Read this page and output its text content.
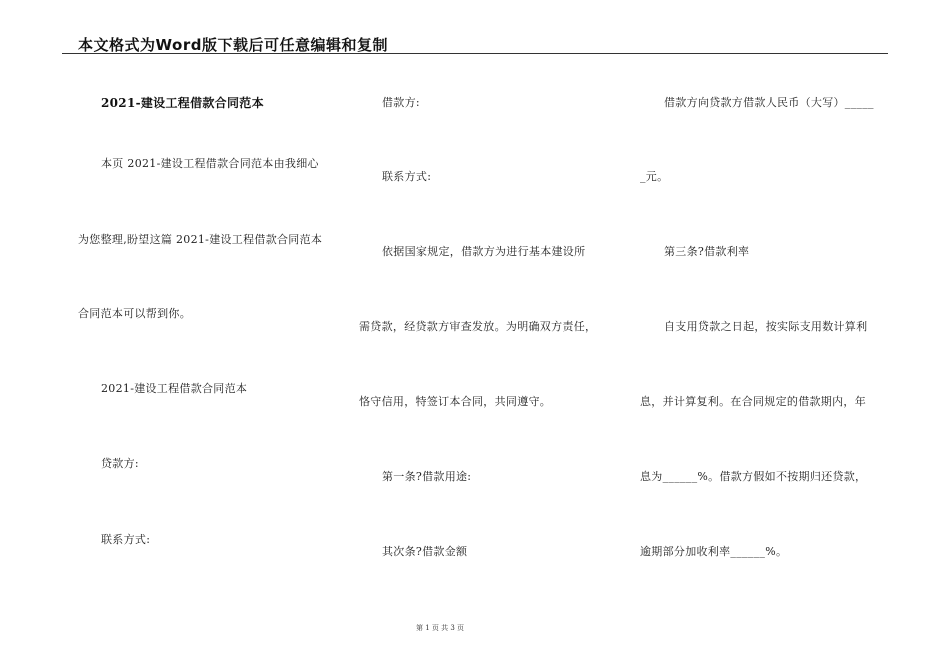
本文格式为Word版下载后可任意编辑和复制
2021-建设工程借款合同范本
本页 2021-建设工程借款合同范本由我细心
为您整理,盼望这篇 2021-建设工程借款合同范本
合同范本可以帮到你。
2021-建设工程借款合同范本
贷款方:
联系方式:
借款方:
联系方式:
依据国家规定，借款方为进行基本建设所
需贷款，经贷款方审查发放。为明确双方责任，
恪守信用，特签订本合同，共同遵守。
第一条?借款用途:
其次条?借款金额
借款方向贷款方借款人民币（大写）_____
_元。
第三条?借款利率
自支用贷款之日起，按实际支用数计算利
息，并计算复利。在合同规定的借款期内，年
息为______%。借款方假如不按期归还贷款，
逾期部分加收利率______%。
第 1 页 共 3 页
